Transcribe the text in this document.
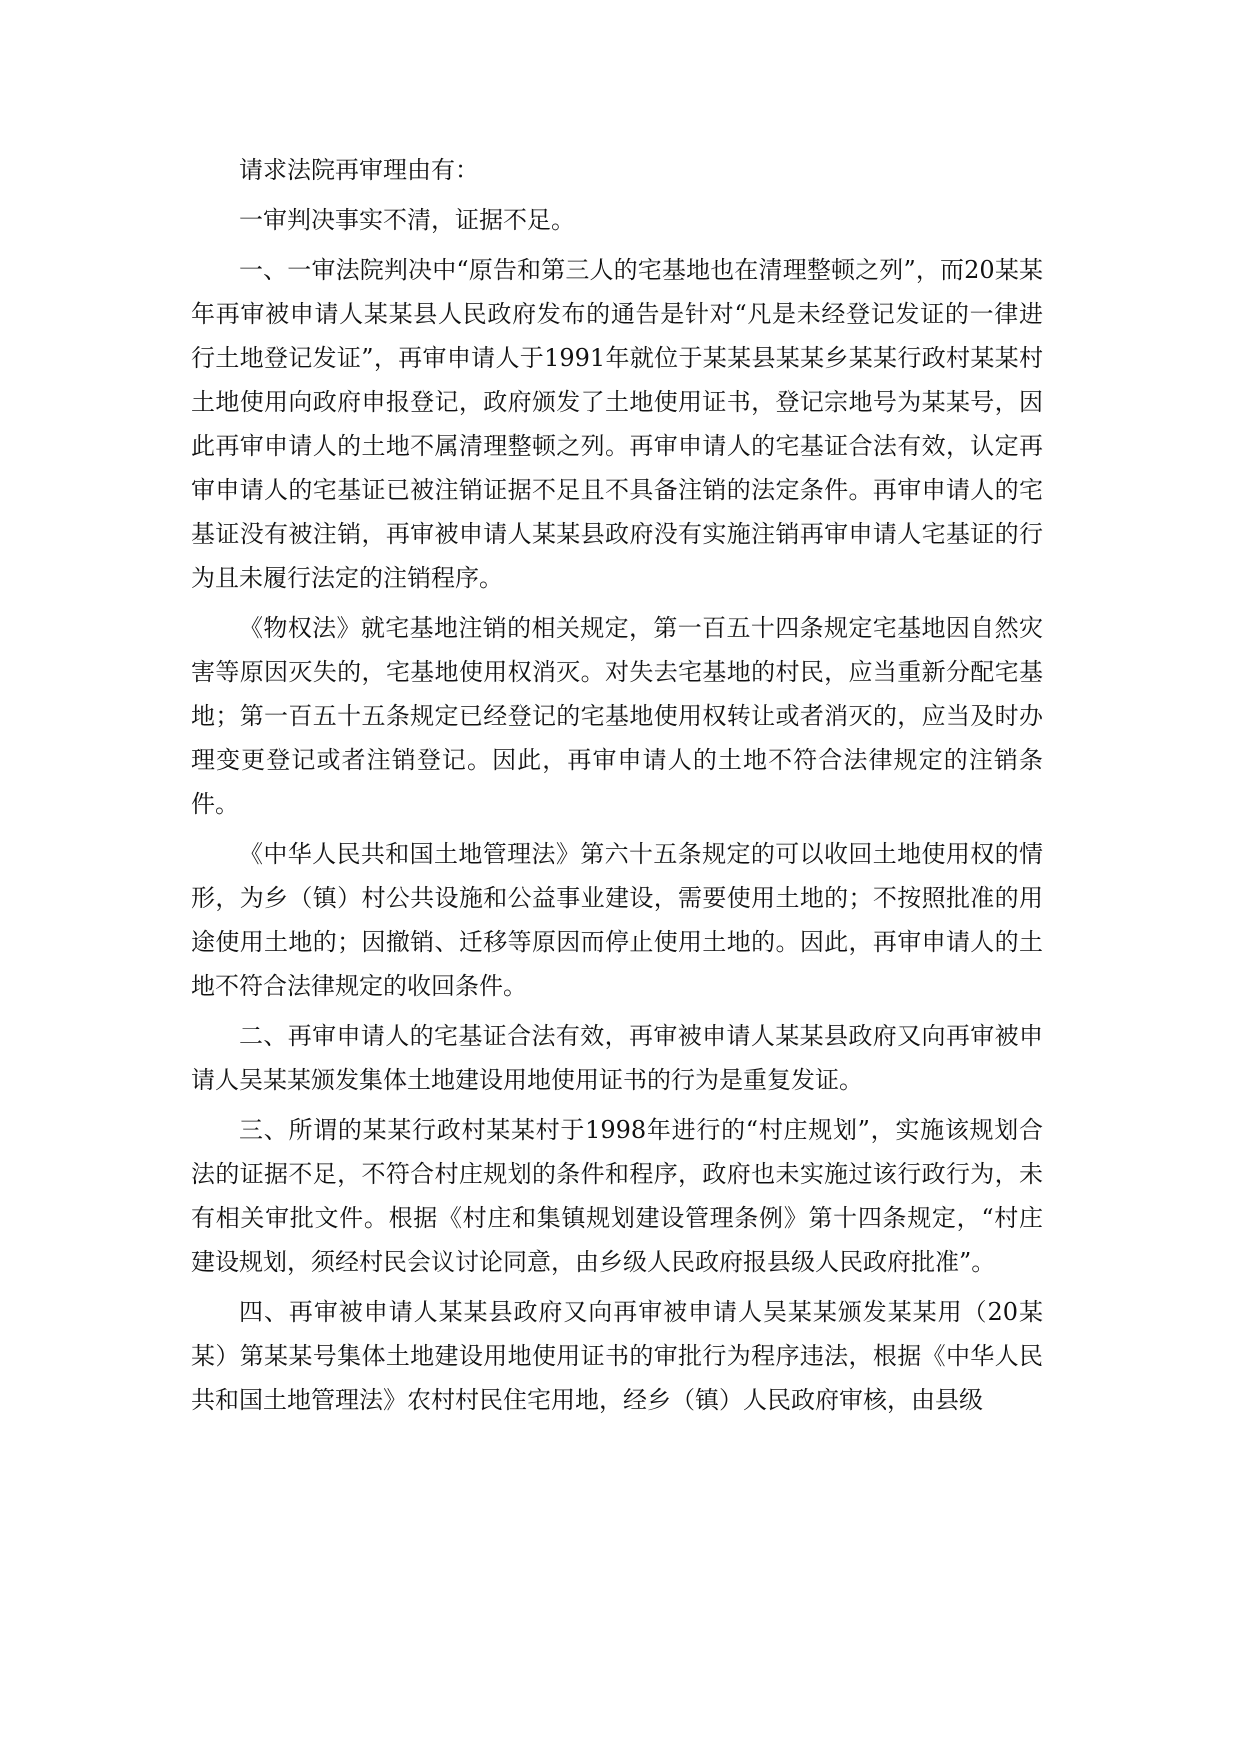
请求法院再审理由有：

一审判决事实不清，证据不足。

一、一审法院判决中“原告和第三人的宅基地也在清理整顿之列”，而20某某年再审被申请人某某县人民政府发布的通告是针对“凡是未经登记发证的一律进行土地登记发证”，再审申请人于1991年就位于某某县某某乡某某行政村某某村土地使用向政府申报登记，政府颁发了土地使用证书，登记宗地号为某某号，因此再审申请人的土地不属清理整顿之列。再审申请人的宅基证合法有效，认定再审申请人的宅基证已被注销证据不足且不具备注销的法定条件。再审申请人的宅基证没有被注销，再审被申请人某某县政府没有实施注销再审申请人宅基证的行为且未履行法定的注销程序。

《物权法》就宅基地注销的相关规定，第一百五十四条规定宅基地因自然灾害等原因灭失的，宅基地使用权消灭。对失去宅基地的村民，应当重新分配宅基地；第一百五十五条规定已经登记的宅基地使用权转让或者消灭的，应当及时办理变更登记或者注销登记。因此，再审申请人的土地不符合法律规定的注销条件。

《中华人民共和国土地管理法》第六十五条规定的可以收回土地使用权的情形，为乡（镇）村公共设施和公益事业建设，需要使用土地的；不按照批准的用途使用土地的；因撤销、迁移等原因而停止使用土地的。因此，再审申请人的土地不符合法律规定的收回条件。

二、再审申请人的宅基证合法有效，再审被申请人某某县政府又向再审被申请人吴某某颁发集体土地建设用地使用证书的行为是重复发证。

三、所谓的某某行政村某某村于1998年进行的“村庄规划”，实施该规划合法的证据不足，不符合村庄规划的条件和程序，政府也未实施过该行政行为，未有相关审批文件。根据《村庄和集镇规划建设管理条例》第十四条规定，“村庄建设规划，须经村民会议讨论同意，由乡级人民政府报县级人民政府批准”。

四、再审被申请人某某县政府又向再审被申请人吴某某颁发某某用（20某某）第某某号集体土地建设用地使用证书的审批行为程序违法，根据《中华人民共和国土地管理法》农村村民住宅用地，经乡（镇）人民政府审核，由县级
